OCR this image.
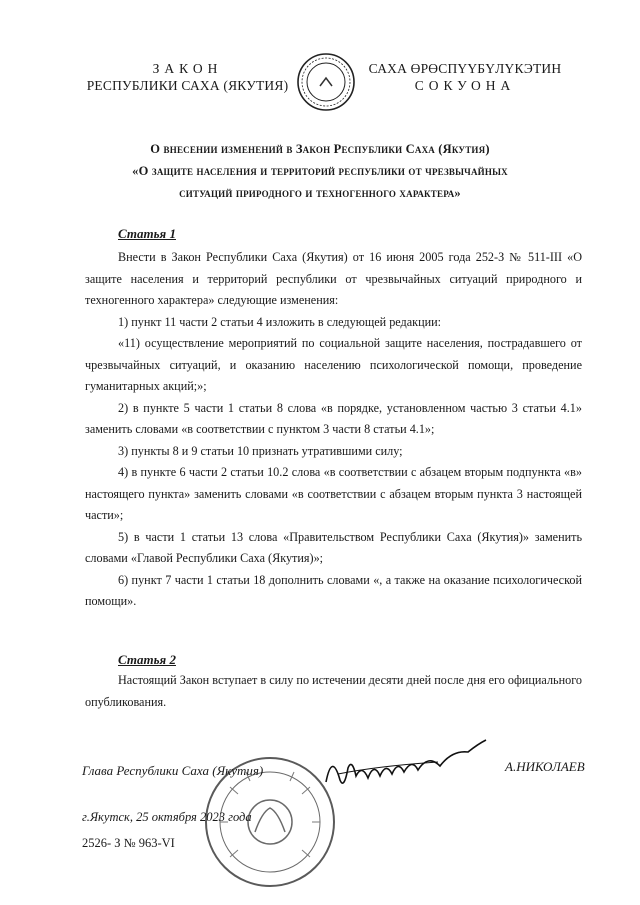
ЗАКОН
РЕСПУБЛИКИ САХА (ЯКУТИЯ)
САХА ӨРӨСПҮҮБҮЛҮКЭТИН
СОКУОНА
О внесении изменений в Закон Республики Саха (Якутия)
«О защите населения и территорий республики от чрезвычайных
ситуаций природного и техногенного характера»
Статья 1

Внести в Закон Республики Саха (Якутия) от 16 июня 2005 года 252-З № 511-III «О защите населения и территорий республики от чрезвычайных ситуаций природного и техногенного характера» следующие изменения:

1) пункт 11 части 2 статьи 4 изложить в следующей редакции:

«11) осуществление мероприятий по социальной защите населения, пострадавшего от чрезвычайных ситуаций, и оказанию населению психологической помощи, проведение гуманитарных акций;»;

2) в пункте 5 части 1 статьи 8 слова «в порядке, установленном частью 3 статьи 4.1» заменить словами «в соответствии с пунктом 3 части 8 статьи 4.1»;

3) пункты 8 и 9 статьи 10 признать утратившими силу;

4) в пункте 6 части 2 статьи 10.2 слова «в соответствии с абзацем вторым подпункта «в» настоящего пункта» заменить словами «в соответствии с абзацем вторым пункта 3 настоящей части»;

5) в части 1 статьи 13 слова «Правительством Республики Саха (Якутия)» заменить словами «Главой Республики Саха (Якутия)»;

6) пункт 7 части 1 статьи 18 дополнить словами «, а также на оказание психологической помощи».

Статья 2

Настоящий Закон вступает в силу по истечении десяти дней после дня его официального опубликования.

Глава Республики Саха (Якутия)	А.НИКОЛАЕВ
г.Якутск, 25 октября 2023 года
2526- З № 963-VI
